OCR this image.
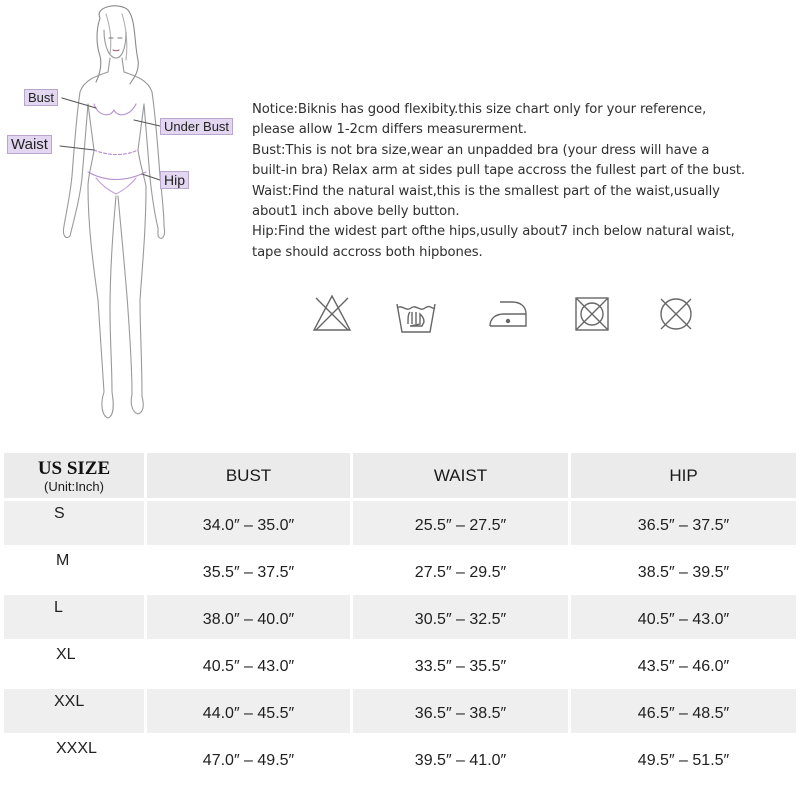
Bust
Waist
Under Bust
Hip
Notice:Biknis has good flexibity.this size chart only for your reference,
please allow 1-2cm differs measurerment.
Bust:This is not bra size,wear an unpadded bra (your dress will have a
built-in bra) Relax arm at sides pull tape accross the fullest part of the bust.
Waist:Find the natural waist,this is the smallest part of the waist,usually
about1 inch above belly button.
Hip:Find the widest part ofthe hips,usully about7 inch below natural waist,
tape should accross both hipbones.
US SIZE
(Unit:Inch)	BUST	WAIST	HIP
S	34.0″ – 35.0″	25.5″ – 27.5″	36.5″ – 37.5″
M	35.5″ – 37.5″	27.5″ – 29.5″	38.5″ – 39.5″
L	38.0″ – 40.0″	30.5″ – 32.5″	40.5″ – 43.0″
XL	40.5″ – 43.0″	33.5″ – 35.5″	43.5″ – 46.0″
XXL	44.0″ – 45.5″	36.5″ – 38.5″	46.5″ – 48.5″
XXXL	47.0″ – 49.5″	39.5″ – 41.0″	49.5″ – 51.5″
